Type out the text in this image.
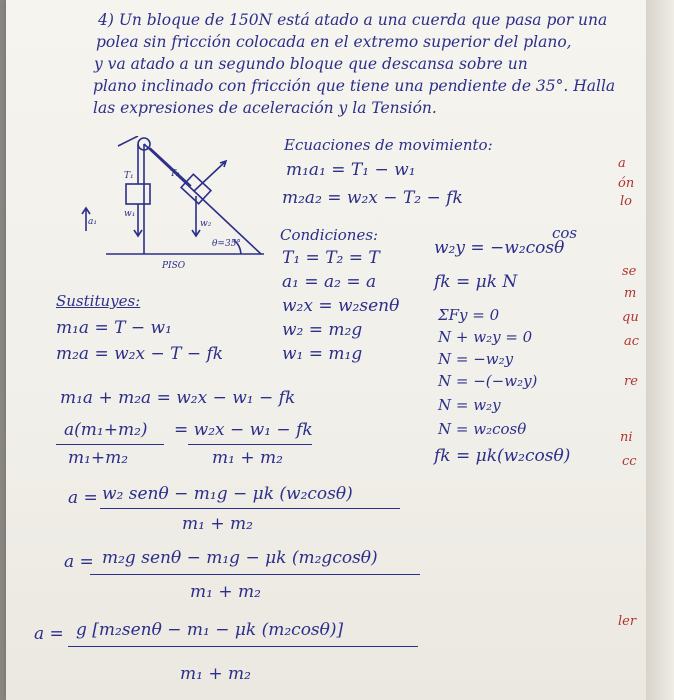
4) Un bloque de 150N está atado a una cuerda que pasa por una
polea sin fricción colocada en el extremo superior del plano,
y va atado a un segundo bloque que descansa sobre un
plano inclinado con fricción que tiene una pendiente de 35°. Halla
las expresiones de aceleración y la Tensión.
T₁	T₂
a₁
w₁
w₂
θ=35°
PISO
Ecuaciones de movimiento:
m₁a₁ = T₁ − w₁
m₂a₂ = w₂x − T₂ − fk
Condiciones:
T₁ = T₂ = T
a₁ = a₂ = a
w₂x = w₂senθ
w₂ = m₂g
w₁ = m₁g
cos
w₂y = −w₂cosθ
fk = μk N
ΣFy = 0
N + w₂y = 0
N = −w₂y
N = −(−w₂y)
N = w₂y
N = w₂cosθ
fk = μk(w₂cosθ)
Sustituyes:
m₁a = T − w₁
m₂a = w₂x − T − fk
m₁a + m₂a = w₂x − w₁ − fk
a(m₁+m₂) = w₂x − w₁ − fk
m₁+m₂	m₁ + m₂
a = w₂ senθ − m₁g − μk (w₂cosθ)
m₁ + m₂
a = m₂g senθ − m₁g − μk (m₂gcosθ)
m₁ + m₂
a = g [m₂senθ − m₁ − μk (m₂cosθ)]
m₁ + m₂
a
ón
lo
se
m
qu
ac
re
ni
cc
ler
